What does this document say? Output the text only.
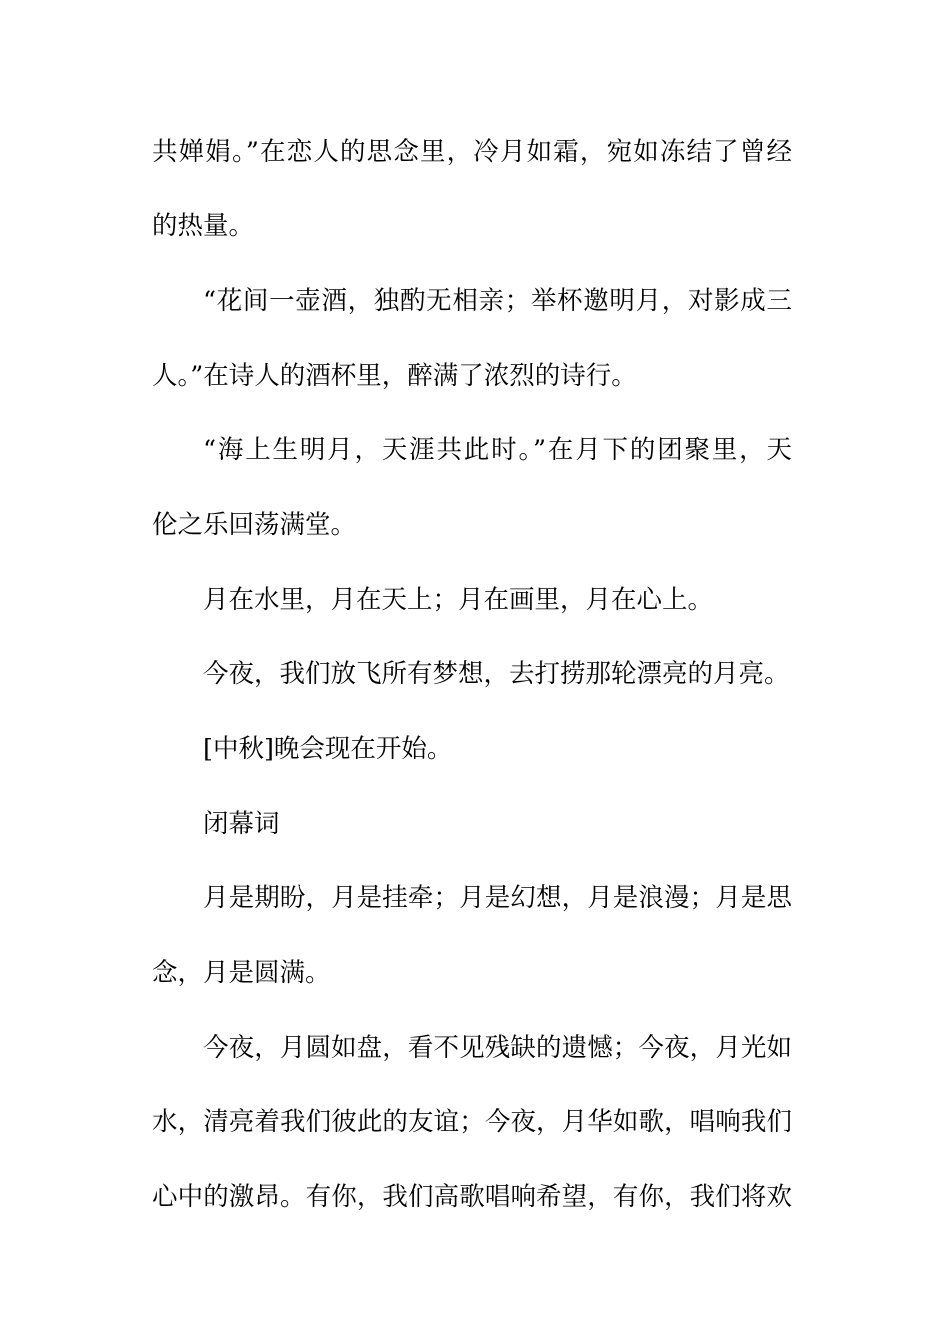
共婵娟。”在恋人的思念里，冷月如霜，宛如冻结了曾经
的热量。
“花间一壶酒，独酌无相亲；举杯邀明月，对影成三
人。”在诗人的酒杯里，醉满了浓烈的诗行。
“海上生明月，天涯共此时。”在月下的团聚里，天
伦之乐回荡满堂。
月在水里，月在天上；月在画里，月在心上。
今夜，我们放飞所有梦想，去打捞那轮漂亮的月亮。
[中秋]晚会现在开始。
闭幕词
月是期盼，月是挂牵；月是幻想，月是浪漫；月是思
念，月是圆满。
今夜，月圆如盘，看不见残缺的遗憾；今夜，月光如
水，清亮着我们彼此的友谊；今夜，月华如歌，唱响我们
心中的激昂。有你，我们高歌唱响希望，有你，我们将欢
